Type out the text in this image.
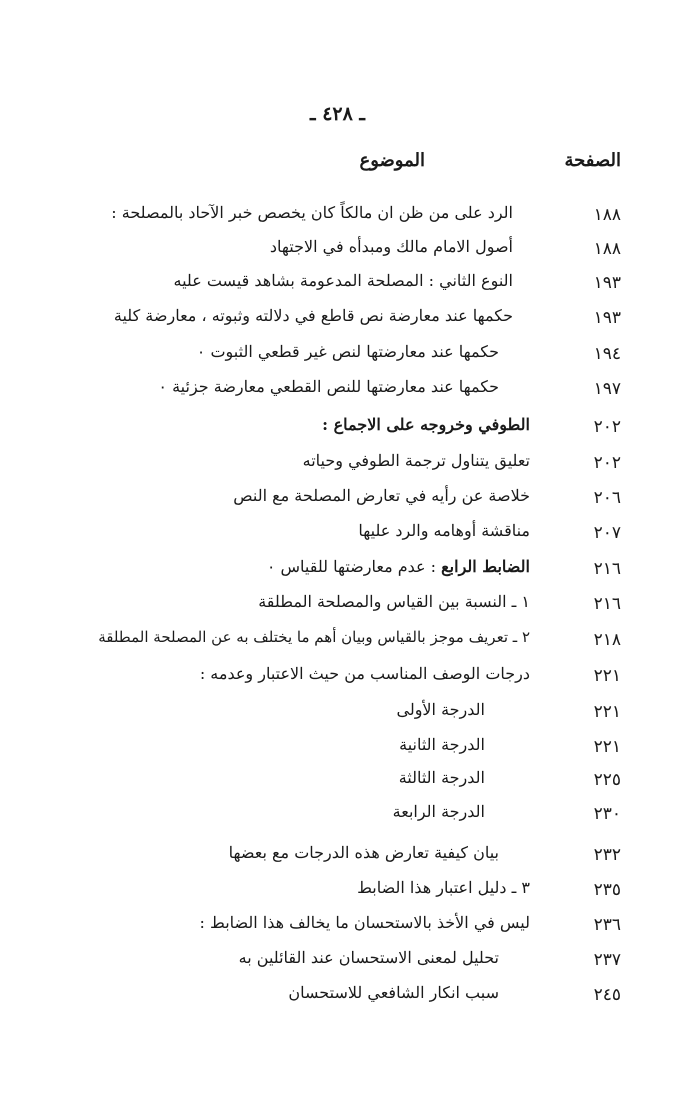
ـ ٤٢٨ ـ
الصفحة
الموضوع
١٨٨
الرد على من ظن ان مالكاً كان يخصص خبر الآحاد بالمصلحة :
١٨٨
أصول الامام مالك ومبدأه في الاجتهاد
١٩٣
النوع الثاني : المصلحة المدعومة بشاهد قيست عليه
١٩٣
حكمها عند معارضة نص قاطع في دلالته وثبوته ، معارضة كلية
١٩٤
حكمها عند معارضتها لنص غير قطعي الثبوت ٠
١٩٧
حكمها عند معارضتها للنص القطعي معارضة جزئية ٠
٢٠٢
الطوفي وخروجه على الاجماع :
٢٠٢
تعليق يتناول ترجمة الطوفي وحياته
٢٠٦
خلاصة عن رأيه في تعارض المصلحة مع النص
٢٠٧
مناقشة أوهامه والرد عليها
٢١٦
الضابط الرابع : عدم معارضتها للقياس ٠
٢١٦
١ ـ النسبة بين القياس والمصلحة المطلقة
٢١٨
٢ ـ تعريف موجز بالقياس وبيان أهم ما يختلف به عن المصلحة المطلقة
٢٢١
درجات الوصف المناسب من حيث الاعتبار وعدمه :
٢٢١
الدرجة الأولى
٢٢١
الدرجة الثانية
٢٢٥
الدرجة الثالثة
٢٣٠
الدرجة الرابعة
٢٣٢
بيان كيفية تعارض هذه الدرجات مع بعضها
٢٣٥
٣ ـ دليل اعتبار هذا الضابط
٢٣٦
ليس في الأخذ بالاستحسان ما يخالف هذا الضابط :
٢٣٧
تحليل لمعنى الاستحسان عند القائلين به
٢٤٥
سبب انكار الشافعي للاستحسان
